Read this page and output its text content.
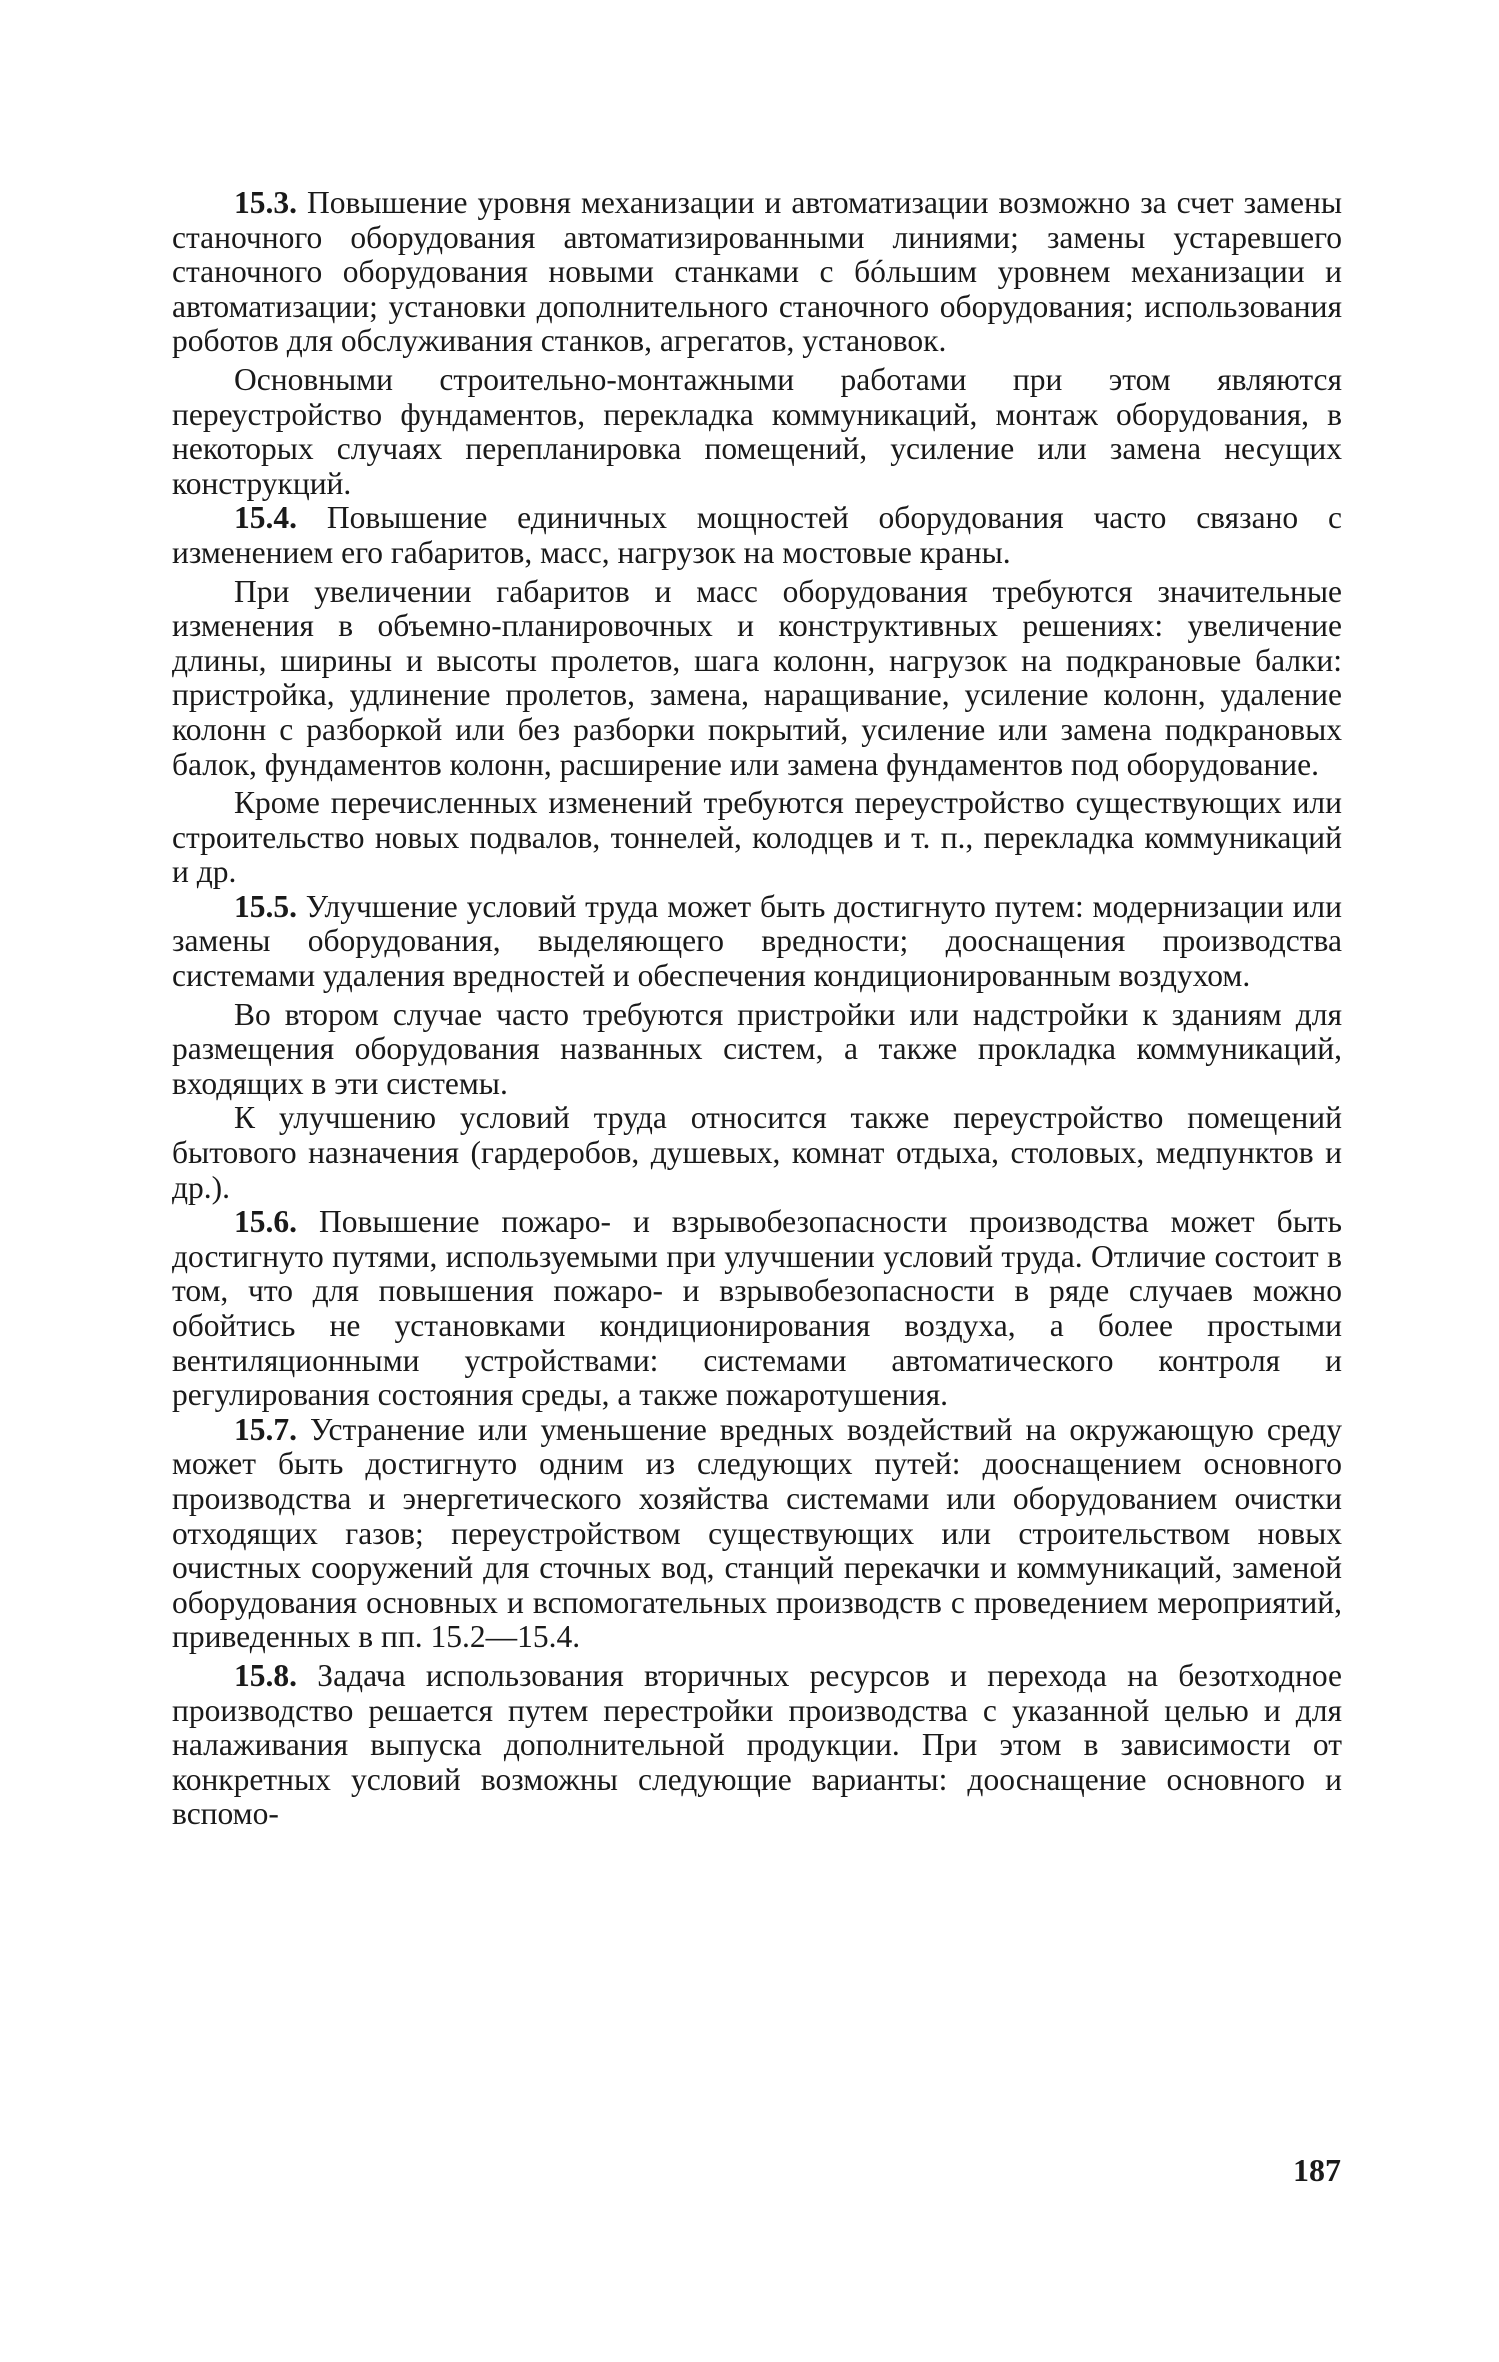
15.3. Повышение уровня механизации и автоматизации возможно за счет замены станочного оборудования автоматизированными линиями; замены устаревшего станочного оборудования новыми станками с бóльшим уровнем механизации и автоматизации; установки дополнительного станочного оборудования; использования роботов для обслуживания станков, агрегатов, установок.

Основными строительно-монтажными работами при этом являются переустройство фундаментов, перекладка коммуникаций, монтаж оборудования, в некоторых случаях перепланировка помещений, усиление или замена несущих конструкций.

15.4. Повышение единичных мощностей оборудования часто связано с изменением его габаритов, масс, нагрузок на мостовые краны.

При увеличении габаритов и масс оборудования требуются значительные изменения в объемно-планировочных и конструктивных решениях: увеличение длины, ширины и высоты пролетов, шага колонн, нагрузок на подкрановые балки: пристройка, удлинение пролетов, замена, наращивание, усиление колонн, удаление колонн с разборкой или без разборки покрытий, усиление или замена подкрановых балок, фундаментов колонн, расширение или замена фундаментов под оборудование.

Кроме перечисленных изменений требуются переустройство существующих или строительство новых подвалов, тоннелей, колодцев и т. п., перекладка коммуникаций и др.

15.5. Улучшение условий труда может быть достигнуто путем: модернизации или замены оборудования, выделяющего вредности; дооснащения производства системами удаления вредностей и обеспечения кондиционированным воздухом.

Во втором случае часто требуются пристройки или надстройки к зданиям для размещения оборудования названных систем, а также прокладка коммуникаций, входящих в эти системы.

К улучшению условий труда относится также переустройство помещений бытового назначения (гардеробов, душевых, комнат отдыха, столовых, медпунктов и др.).

15.6. Повышение пожаро- и взрывобезопасности производства может быть достигнуто путями, используемыми при улучшении условий труда. Отличие состоит в том, что для повышения пожаро- и взрывобезопасности в ряде случаев можно обойтись не установками кондиционирования воздуха, а более простыми вентиляционными устройствами: системами автоматического контроля и регулирования состояния среды, а также пожаротушения.

15.7. Устранение или уменьшение вредных воздействий на окружающую среду может быть достигнуто одним из следующих путей: дооснащением основного производства и энергетического хозяйства системами или оборудованием очистки отходящих газов; переустройством существующих или строительством новых очистных сооружений для сточных вод, станций перекачки и коммуникаций, заменой оборудования основных и вспомогательных производств с проведением мероприятий, приведенных в пп. 15.2—15.4.

15.8. Задача использования вторичных ресурсов и перехода на безотходное производство решается путем перестройки производства с указанной целью и для налаживания выпуска дополнительной продукции. При этом в зависимости от конкретных условий возможны следующие варианты: дооснащение основного и вспомо-

187
